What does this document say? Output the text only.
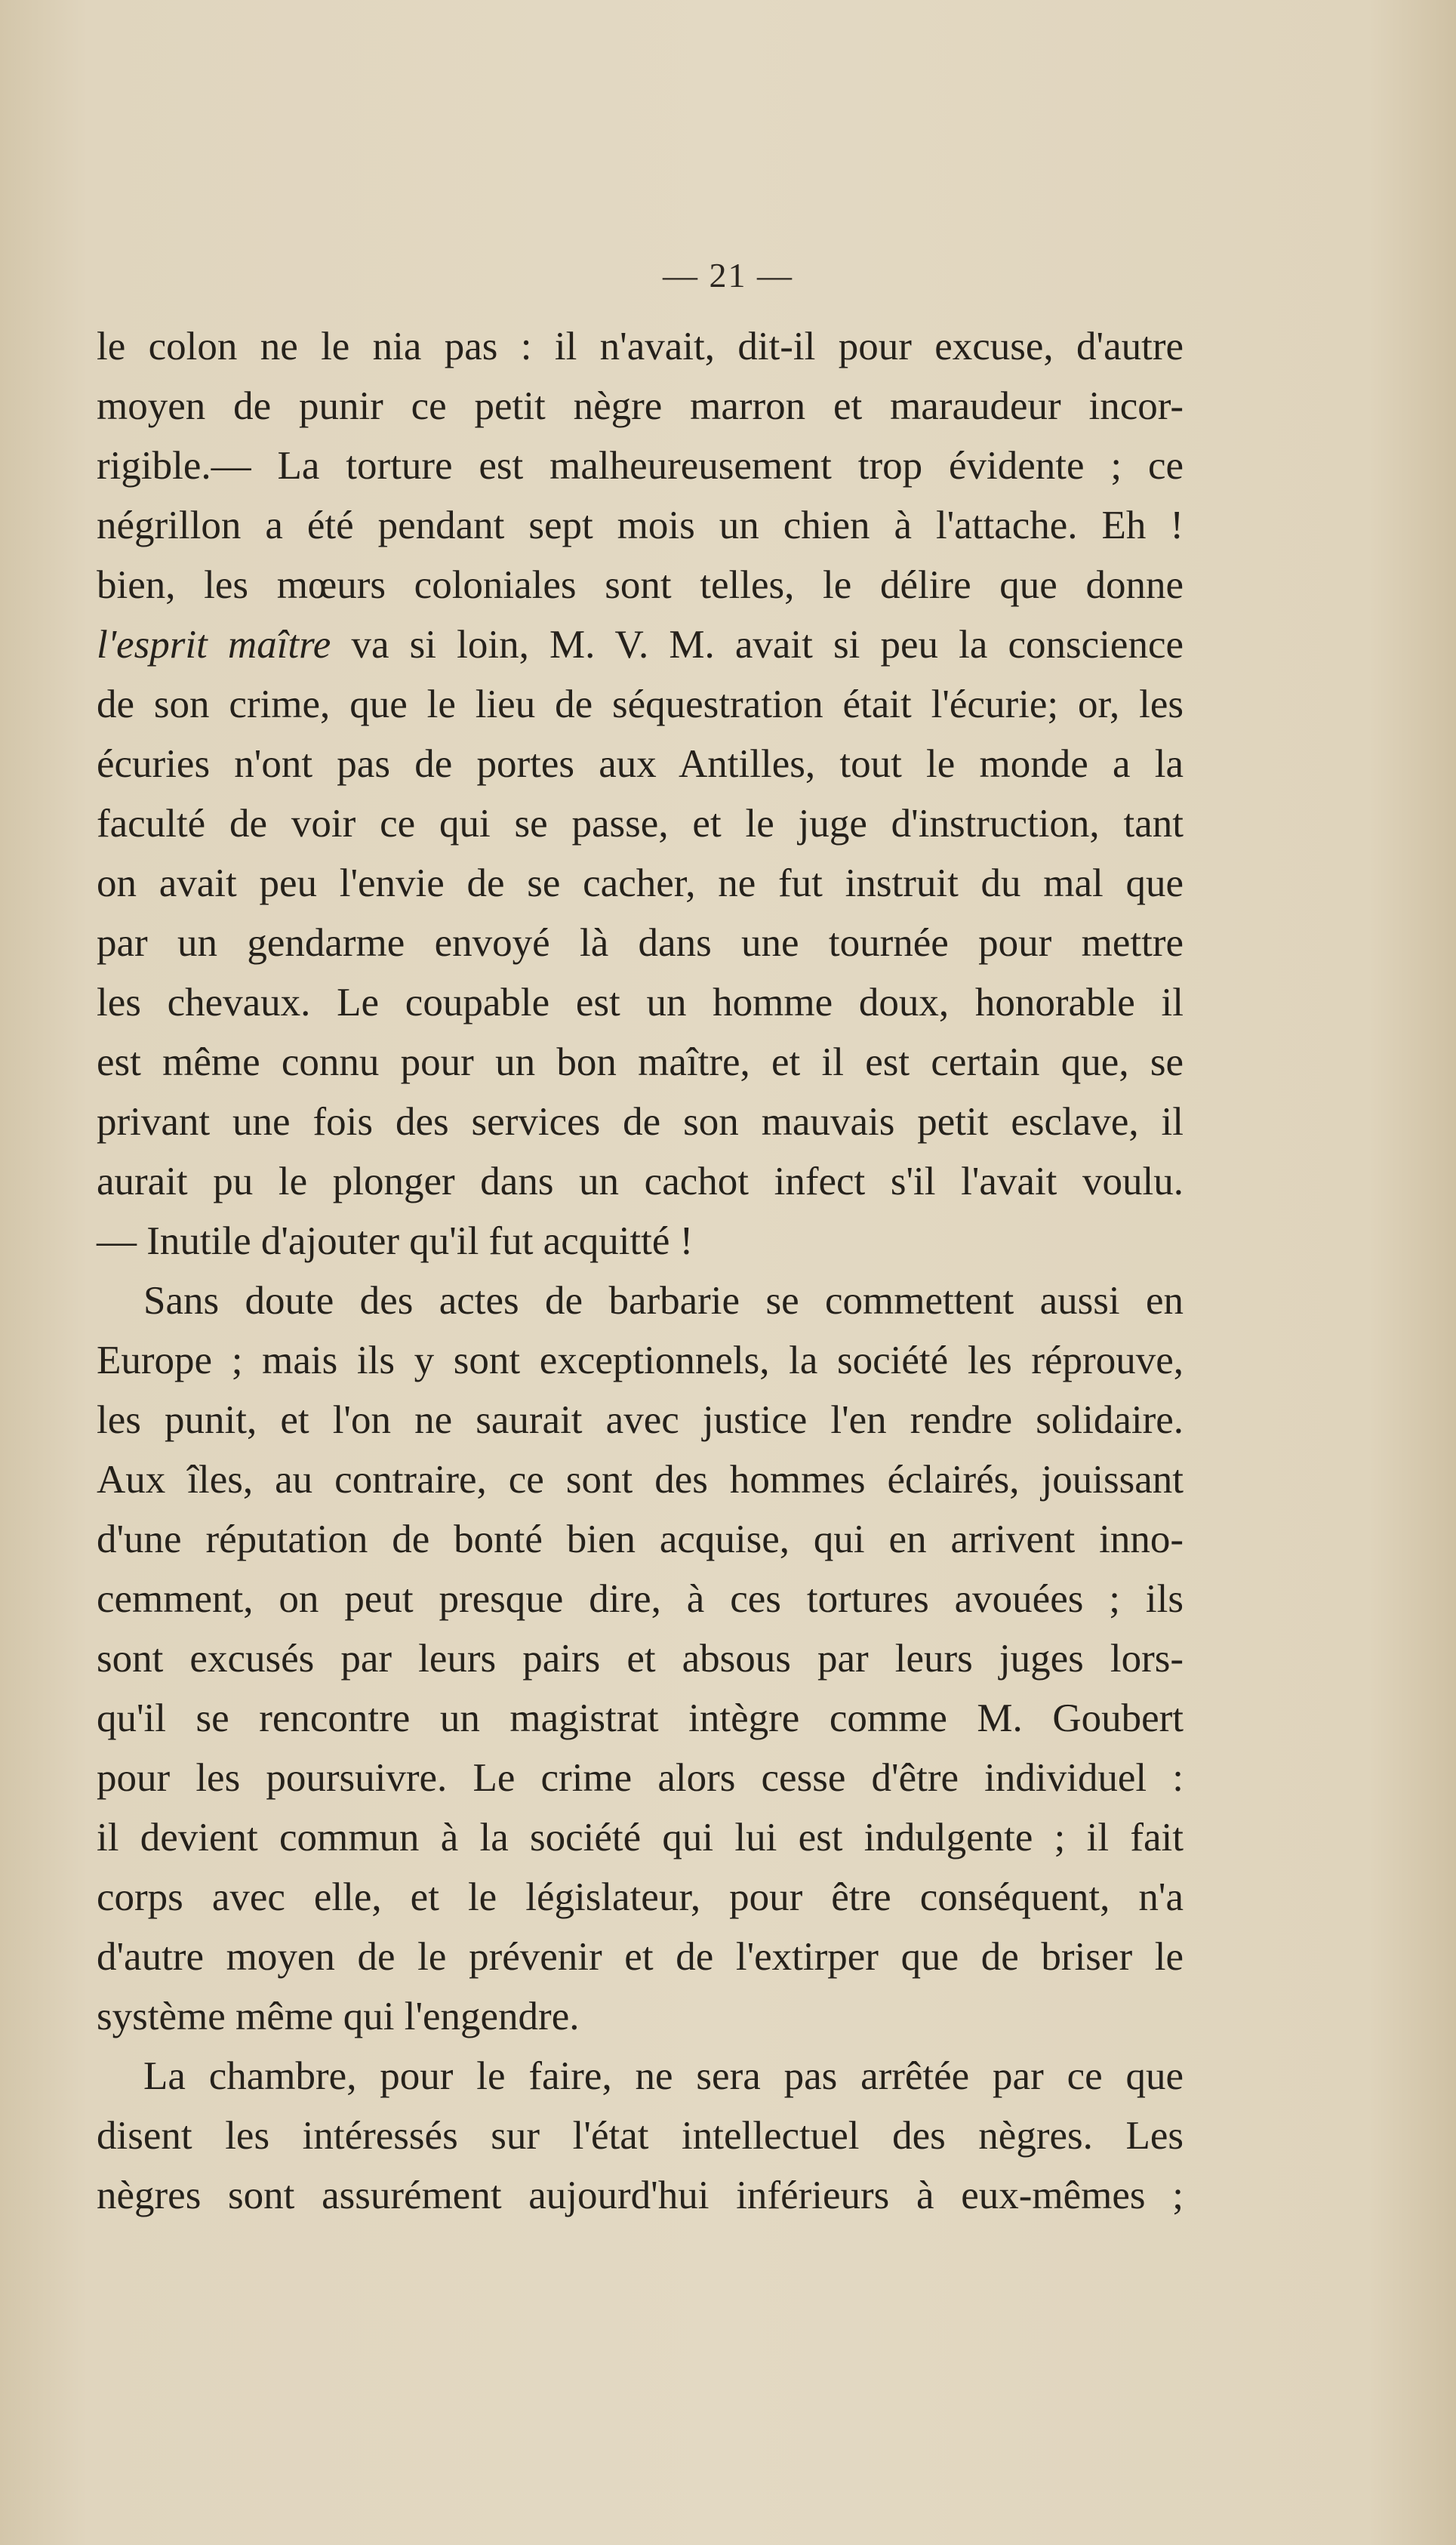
— 21 —
le colon ne le nia pas : il n'avait, dit-il pour excuse, d'autre
moyen de punir ce petit nègre marron et maraudeur incor-
rigible.— La torture est malheureusement trop évidente ; ce
négrillon a été pendant sept mois un chien à l'attache. Eh !
bien, les mœurs coloniales sont telles, le délire que donne
l'esprit maître va si loin, M. V. M. avait si peu la conscience
de son crime, que le lieu de séquestration était l'écurie; or, les
écuries n'ont pas de portes aux Antilles, tout le monde a la
faculté de voir ce qui se passe, et le juge d'instruction, tant
on avait peu l'envie de se cacher, ne fut instruit du mal que
par un gendarme envoyé là dans une tournée pour mettre
les chevaux. Le coupable est un homme doux, honorable il
est même connu pour un bon maître, et il est certain que, se
privant une fois des services de son mauvais petit esclave, il
aurait pu le plonger dans un cachot infect s'il l'avait voulu.
— Inutile d'ajouter qu'il fut acquitté !
Sans doute des actes de barbarie se commettent aussi en
Europe ; mais ils y sont exceptionnels, la société les réprouve,
les punit, et l'on ne saurait avec justice l'en rendre solidaire.
Aux îles, au contraire, ce sont des hommes éclairés, jouissant
d'une réputation de bonté bien acquise, qui en arrivent inno-
cemment, on peut presque dire, à ces tortures avouées ; ils
sont excusés par leurs pairs et absous par leurs juges lors-
qu'il se rencontre un magistrat intègre comme M. Goubert
pour les poursuivre. Le crime alors cesse d'être individuel :
il devient commun à la société qui lui est indulgente ; il fait
corps avec elle, et le législateur, pour être conséquent, n'a
d'autre moyen de le prévenir et de l'extirper que de briser le
système même qui l'engendre.
La chambre, pour le faire, ne sera pas arrêtée par ce que
disent les intéressés sur l'état intellectuel des nègres. Les
nègres sont assurément aujourd'hui inférieurs à eux-mêmes ;
